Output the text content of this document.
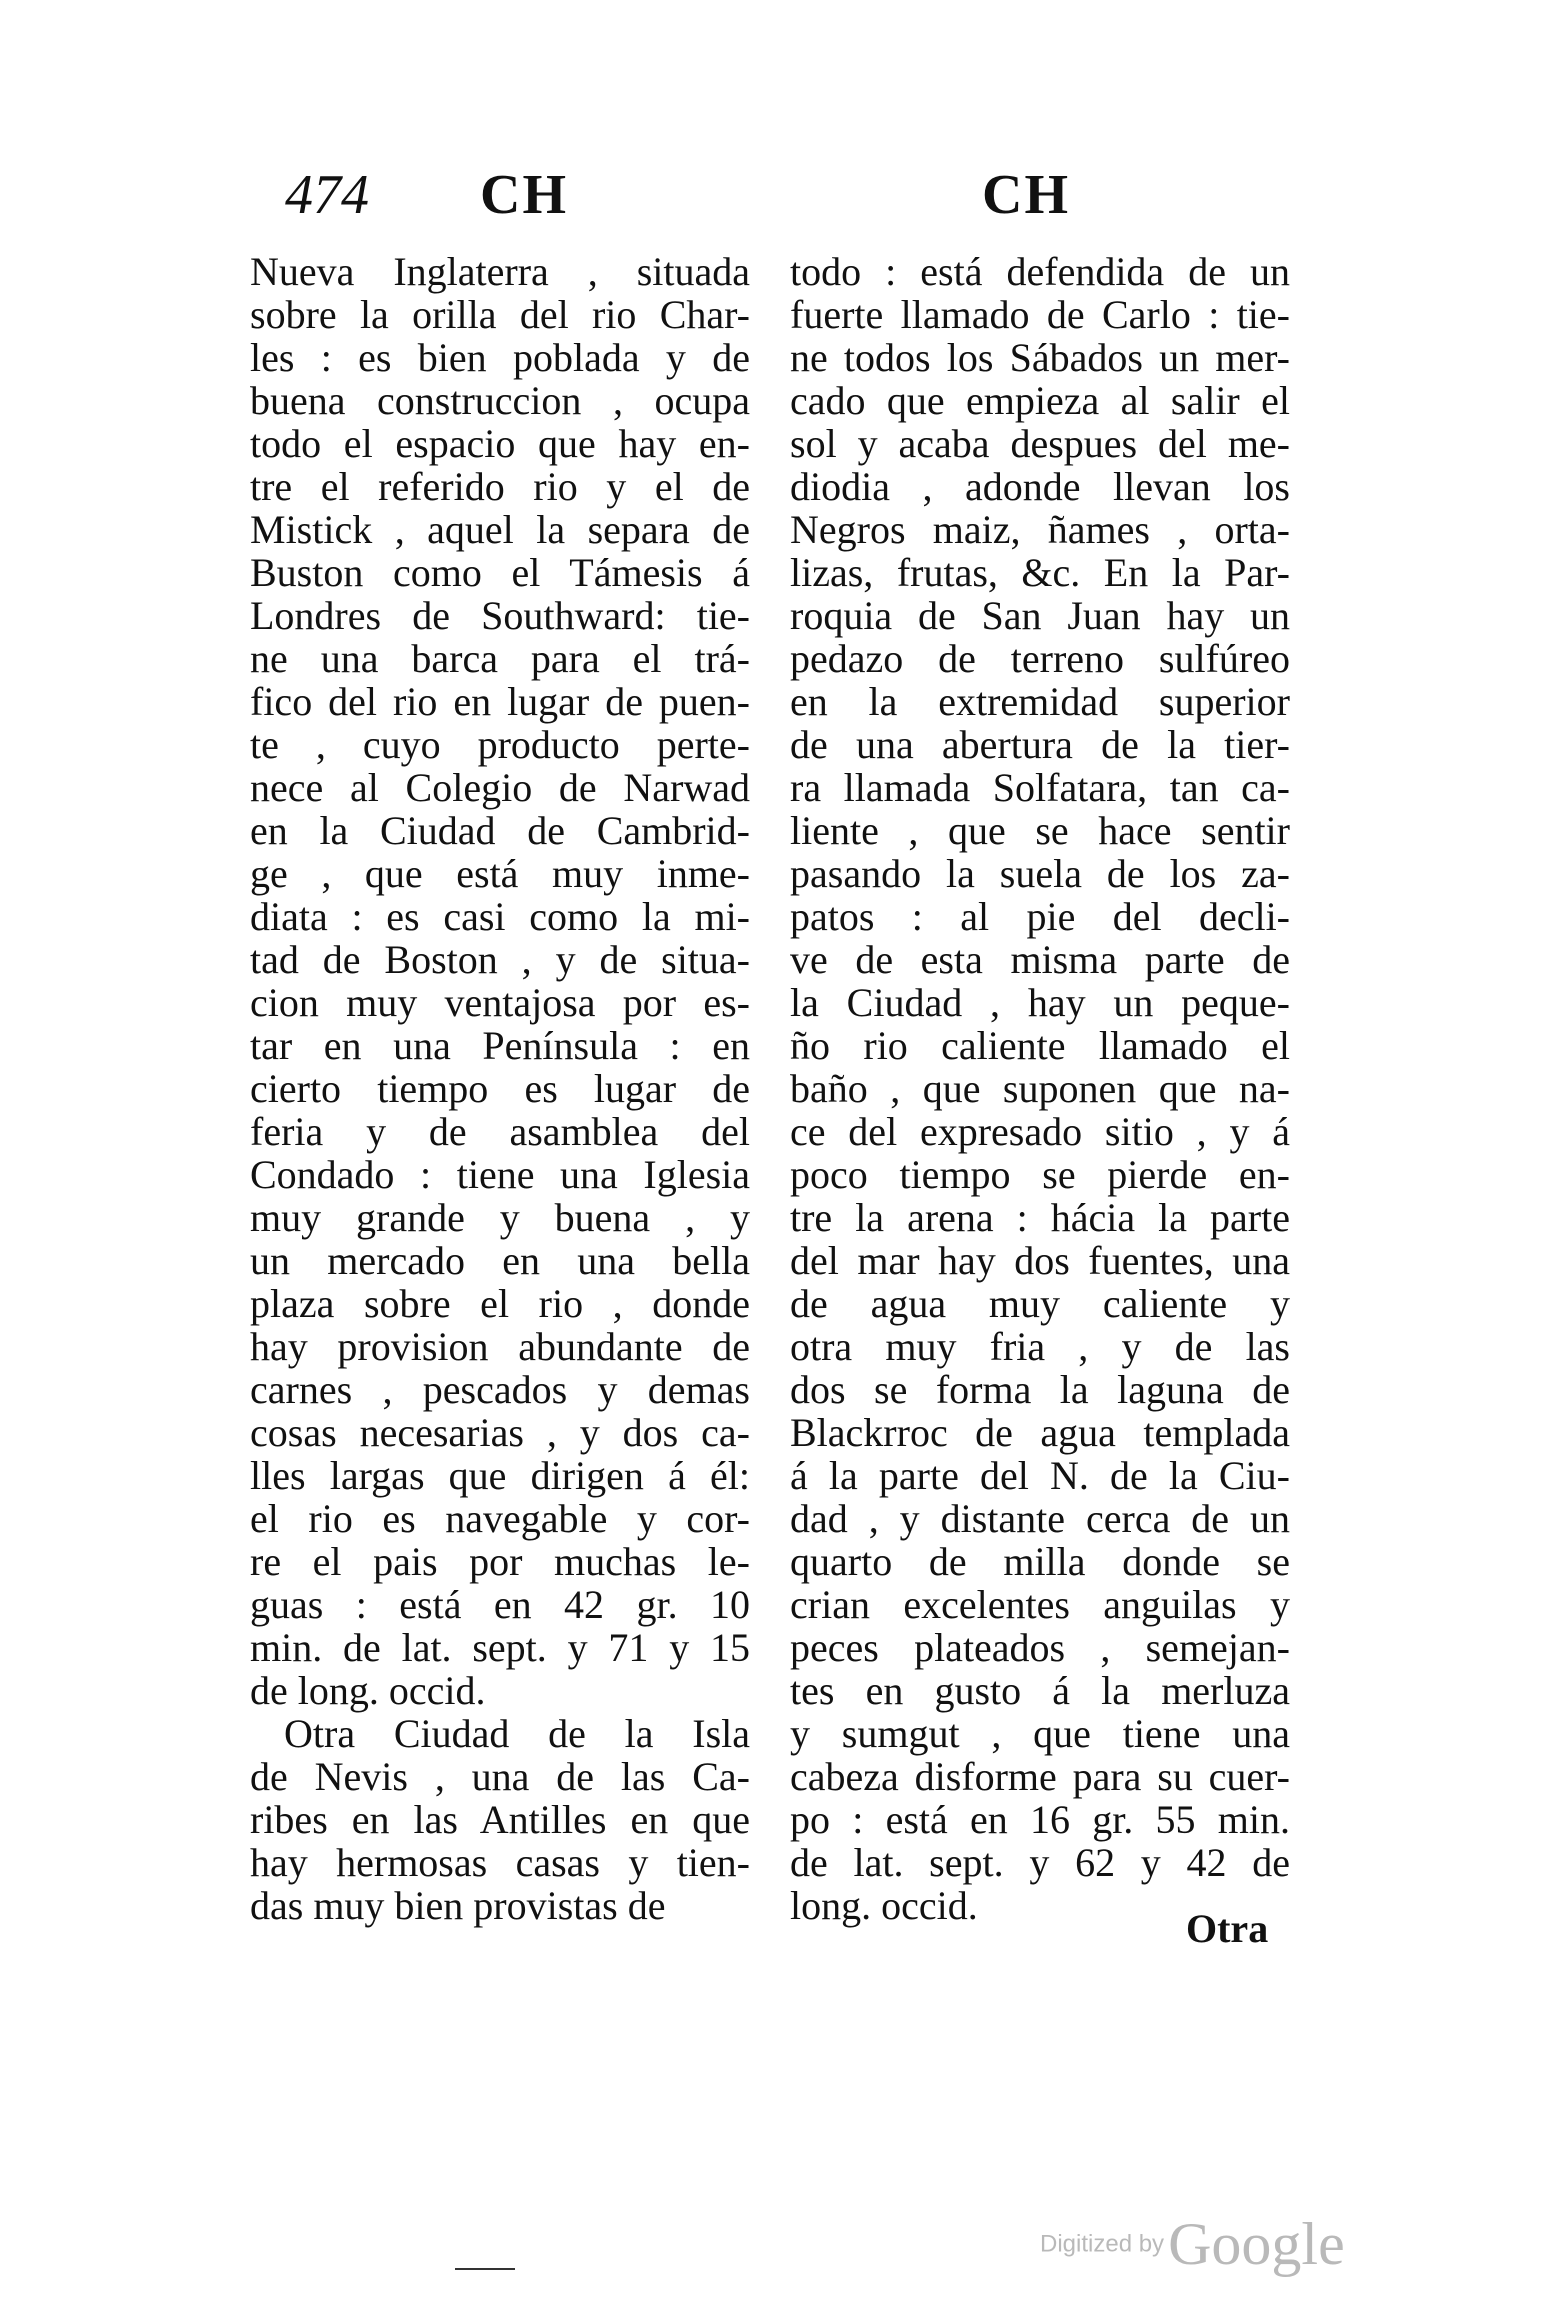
474 CH	CH
Nueva Inglaterra , situada
sobre la orilla del rio Char-
les : es bien poblada y de
buena construccion , ocupa
todo el espacio que hay en-
tre el referido rio y el de
Mistick , aquel la separa de
Buston como el Támesis á
Londres de Southward: tie-
ne una barca para el trá-
fico del rio en lugar de puen-
te , cuyo producto perte-
nece al Colegio de Narwad
en la Ciudad de Cambrid-
ge , que está muy inme-
diata : es casi como la mi-
tad de Boston , y de situa-
cion muy ventajosa por es-
tar en una Península : en
cierto tiempo es lugar de
feria y de asamblea del
Condado : tiene una Iglesia
muy grande y buena , y
un mercado en una bella
plaza sobre el rio , donde
hay provision abundante de
carnes , pescados y demas
cosas necesarias , y dos ca-
lles largas que dirigen á él:
el rio es navegable y cor-
re el pais por muchas le-
guas : está en 42 gr. 10
min. de lat. sept. y 71 y 15
de long. occid.
Otra Ciudad de la Isla
de Nevis , una de las Ca-
ribes en las Antilles en que
hay hermosas casas y tien-
das muy bien provistas de
todo : está defendida de un
fuerte llamado de Carlo : tie-
ne todos los Sábados un mer-
cado que empieza al salir el
sol y acaba despues del me-
diodia , adonde llevan los
Negros maiz, ñames , orta-
lizas, frutas, &c. En la Par-
roquia de San Juan hay un
pedazo de terreno sulfúreo
en la extremidad superior
de una abertura de la tier-
ra llamada Solfatara, tan ca-
liente , que se hace sentir
pasando la suela de los za-
patos : al pie del decli-
ve de esta misma parte de
la Ciudad , hay un peque-
ño rio caliente llamado el
baño , que suponen que na-
ce del expresado sitio , y á
poco tiempo se pierde en-
tre la arena : hácia la parte
del mar hay dos fuentes, una
de agua muy caliente y
otra muy fria , y de las
dos se forma la laguna de
Blackrroc de agua templada
á la parte del N. de la Ciu-
dad , y distante cerca de un
quarto de milla donde se
crian excelentes anguilas y
peces plateados , semejan-
tes en gusto á la merluza
y sumgut , que tiene una
cabeza disforme para su cuer-
po : está en 16 gr. 55 min.
de lat. sept. y 62 y 42 de
long. occid.
Otra
Digitized by Google
